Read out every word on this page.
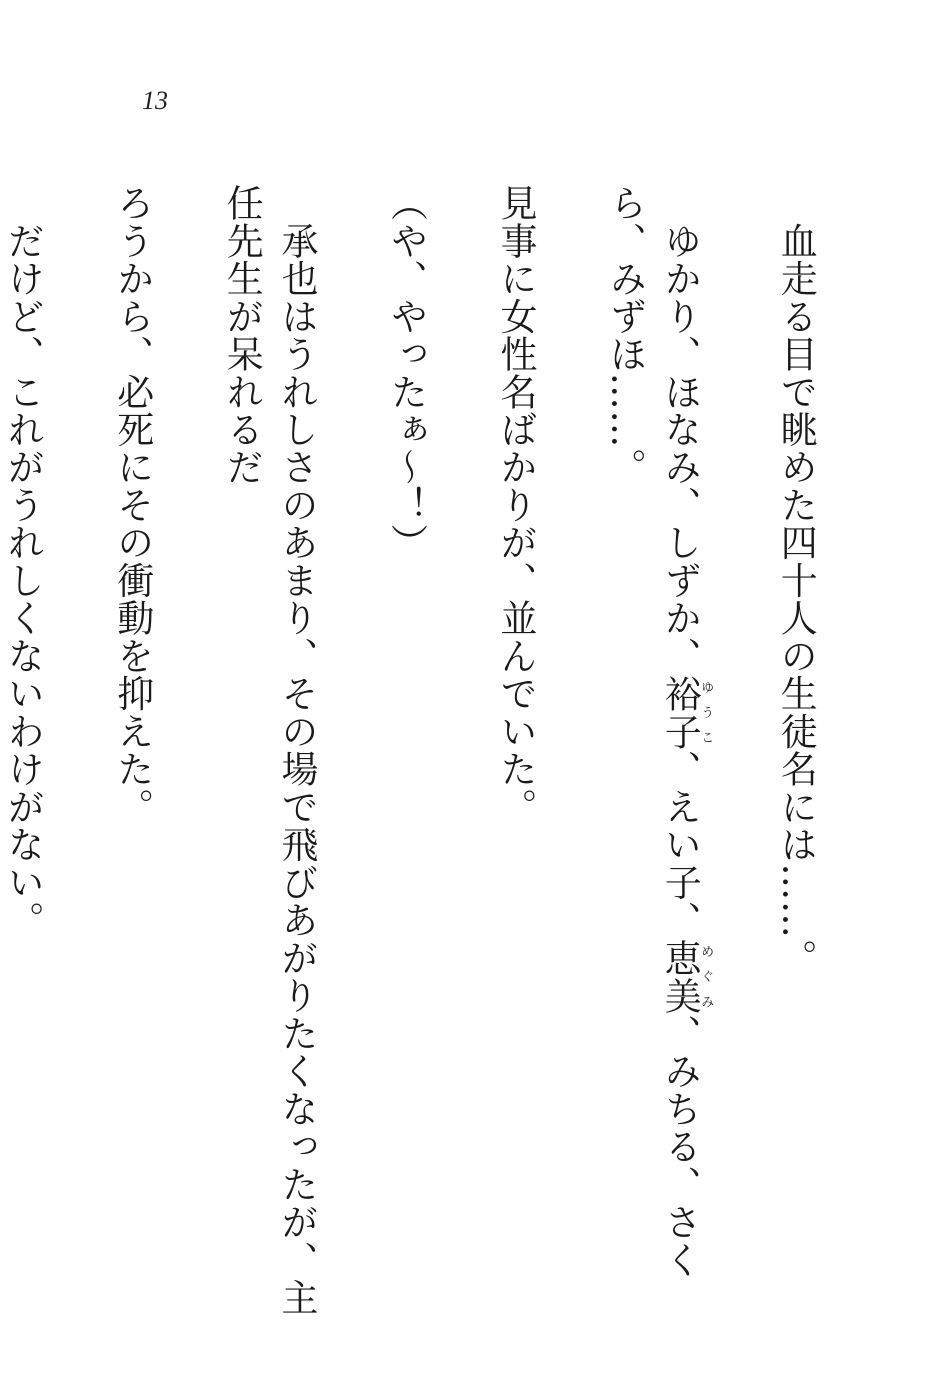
13

　血走る目で眺めた四十人の生徒名には……。

　ゆかり、ほなみ、しずか、裕子ゆうこ、えい子、恵美めぐみ、みちる、さくら、みずほ……。

見事に女性名ばかりが、並んでいた。

（や、やったぁ〜！）

　承也はうれしさのあまり、その場で飛びあがりたくなったが、主任先生が呆れるだ

ろうから、必死にその衝動を抑えた。

　だけど、これがうれしくないわけがない。
